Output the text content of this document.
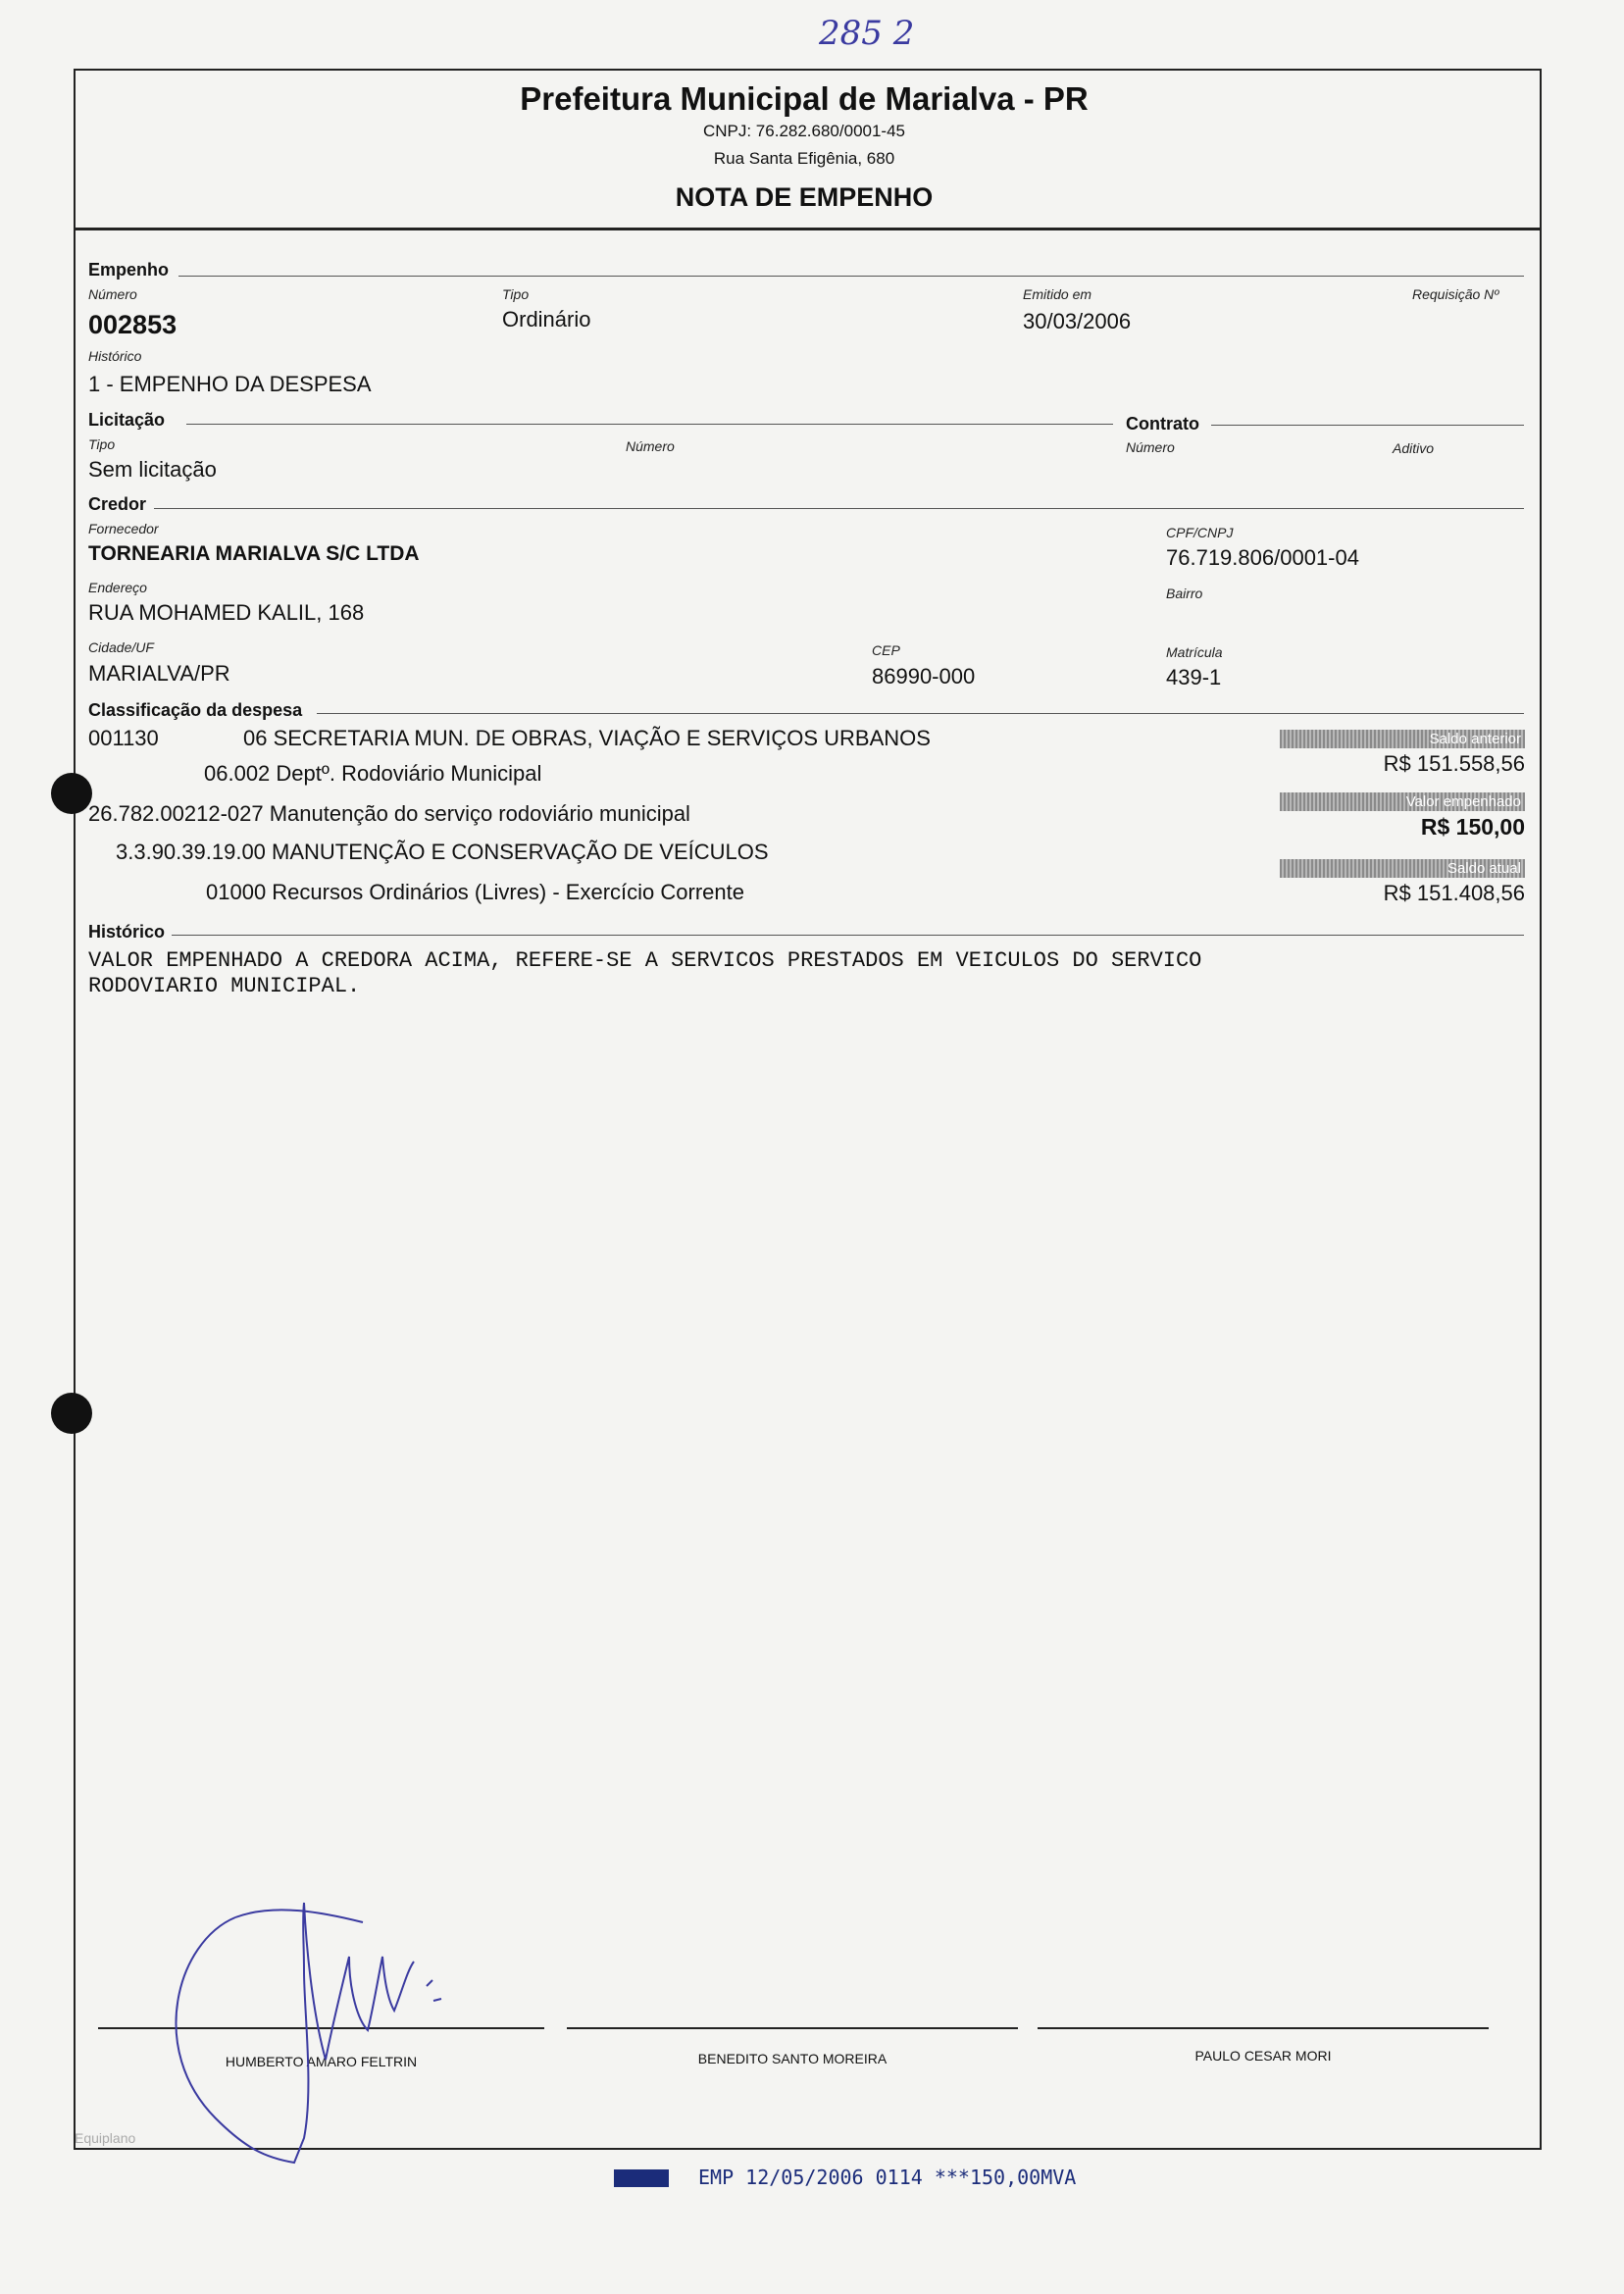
285 2
Prefeitura Municipal de Marialva - PR
CNPJ: 76.282.680/0001-45
Rua Santa Efigênia, 680
NOTA DE EMPENHO
Empenho
Número	Tipo	Emitido em	Requisição Nº
002853	Ordinário	30/03/2006
Histórico
1 - EMPENHO DA DESPESA
Licitação	Contrato
Tipo	Número	Número	Aditivo
Sem licitação
Credor
Fornecedor	CPF/CNPJ
TORNEARIA MARIALVA S/C LTDA	76.719.806/0001-04
Endereço	Bairro
RUA MOHAMED KALIL, 168
Cidade/UF	CEP	Matrícula
MARIALVA/PR	86990-000	439-1
Classificação da despesa
001130	06 SECRETARIA MUN. DE OBRAS, VIAÇÃO E SERVIÇOS URBANOS
06.002 Deptº. Rodoviário Municipal
26.782.00212-027 Manutenção do serviço rodoviário municipal
3.3.90.39.19.00 MANUTENÇÃO E CONSERVAÇÃO DE VEÍCULOS
01000 Recursos Ordinários (Livres) - Exercício Corrente
Saldo anterior
R$ 151.558,56
Valor empenhado
R$ 150,00
Saldo atual
R$ 151.408,56
Histórico
VALOR EMPENHADO A CREDORA ACIMA, REFERE-SE A SERVICOS PRESTADOS EM VEICULOS DO SERVICO
RODOVIARIO MUNICIPAL.
HUMBERTO AMARO FELTRIN	BENEDITO SANTO MOREIRA	PAULO CESAR MORI
Equiplano
EMP 12/05/2006 0114 ***150,00MVA
